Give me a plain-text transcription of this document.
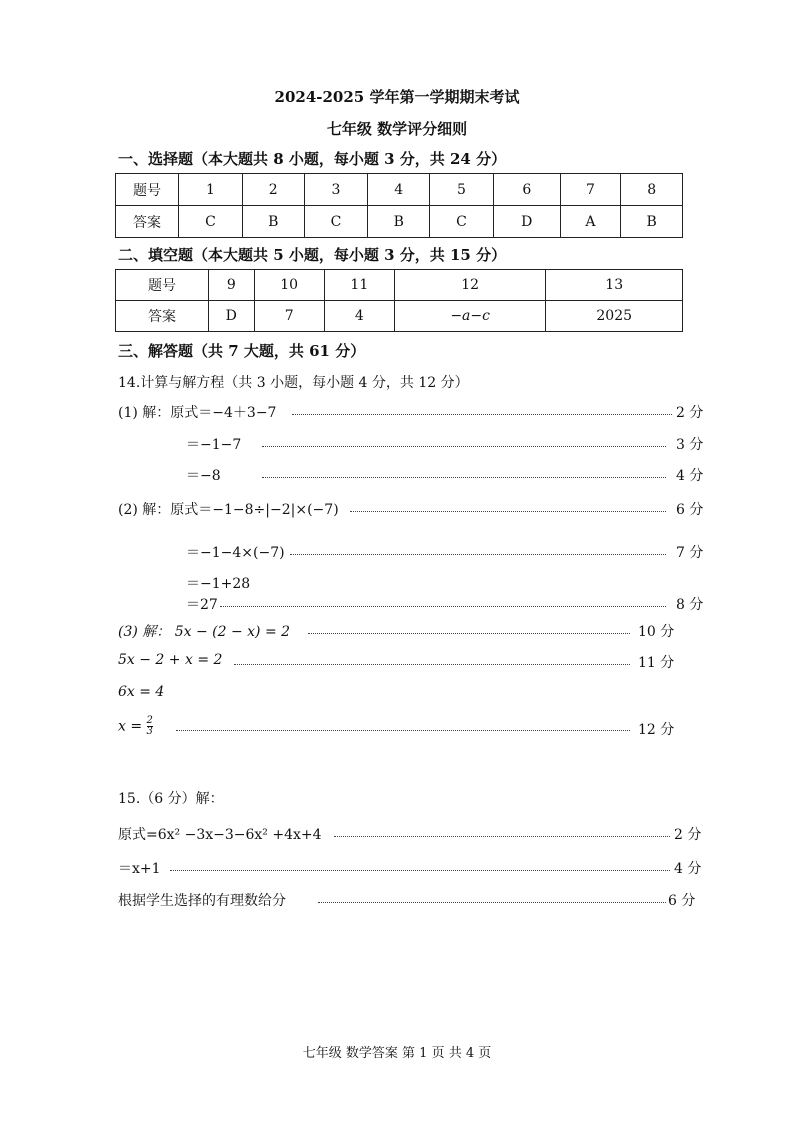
2024-2025 学年第一学期期末考试
七年级 数学评分细则
一、选择题（本大题共 8 小题，每小题 3 分，共 24 分）
题号	1	2	3	4	5	6	7	8
答案	C	B	C	B	C	D	A	B
二、填空题（本大题共 5 小题，每小题 3 分，共 15 分）
题号	9	10	11	12	13
答案	D	7	4	−a−c	2025
三、解答题（共 7 大题，共 61 分）
14.计算与解方程（共 3 小题，每小题 4 分，共 12 分）
(1) 解：原式＝−4＋3−7	2 分
＝−1−7	3 分
＝−8	4 分
(2) 解：原式＝−1−8÷|−2|×(−7)	6 分
＝−1−4×(−7)	7 分
＝−1+28
＝27	8 分
(3) 解： 5x − (2 − x) = 2	10 分
5x − 2 + x = 2	11 分
6x = 4
$x = \frac{2}{3}$	12 分
15.（6 分）解：
原式=6x² −3x−3−6x² +4x+4	2 分
＝x+1	4 分
根据学生选择的有理数给分	6 分
七年级 数学答案 第 1 页 共 4 页
